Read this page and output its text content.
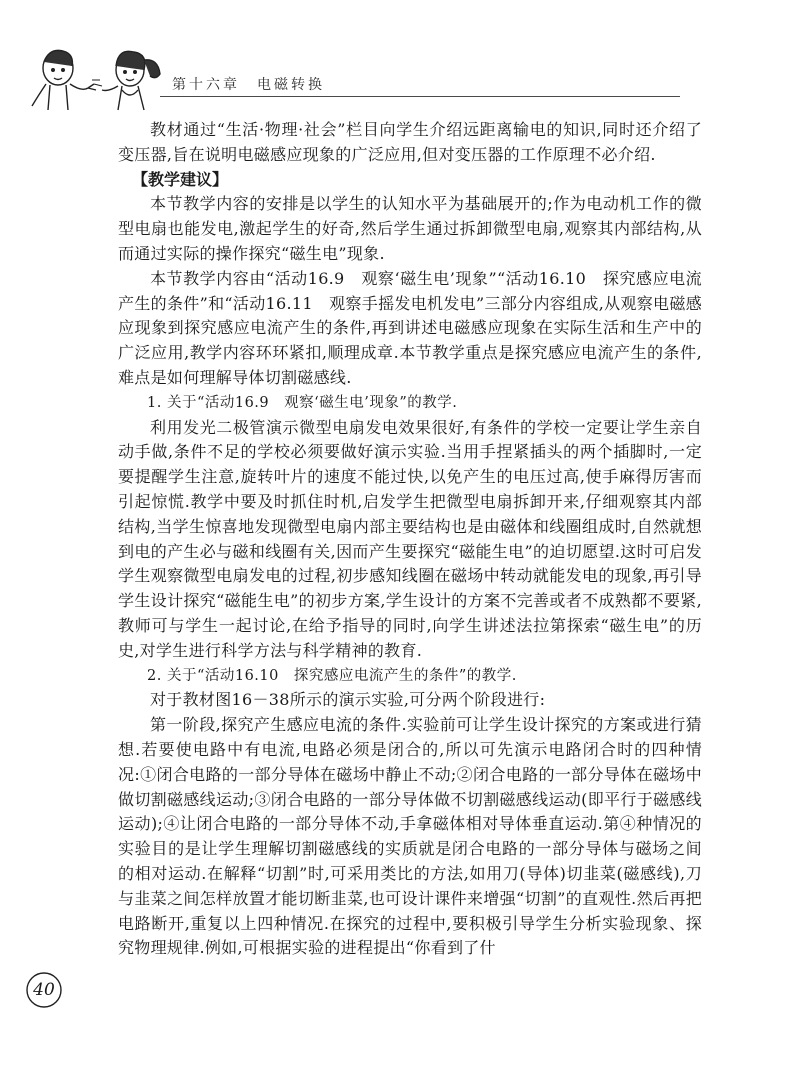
第十六章　电磁转换

教材通过“生活·物理·社会”栏目向学生介绍远距离输电的知识,同时还介绍了变压器,旨在说明电磁感应现象的广泛应用,但对变压器的工作原理不必介绍.

【教学建议】

本节教学内容的安排是以学生的认知水平为基础展开的;作为电动机工作的微型电扇也能发电,激起学生的好奇,然后学生通过拆卸微型电扇,观察其内部结构,从而通过实际的操作探究“磁生电”现象.

本节教学内容由“活动16.9　观察‘磁生电’现象”“活动16.10　探究感应电流产生的条件”和“活动16.11　观察手摇发电机发电”三部分内容组成,从观察电磁感应现象到探究感应电流产生的条件,再到讲述电磁感应现象在实际生活和生产中的广泛应用,教学内容环环紧扣,顺理成章.本节教学重点是探究感应电流产生的条件,难点是如何理解导体切割磁感线.

1. 关于“活动16.9　观察‘磁生电’现象”的教学.

利用发光二极管演示微型电扇发电效果很好,有条件的学校一定要让学生亲自动手做,条件不足的学校必须要做好演示实验.当用手捏紧插头的两个插脚时,一定要提醒学生注意,旋转叶片的速度不能过快,以免产生的电压过高,使手麻得厉害而引起惊慌.教学中要及时抓住时机,启发学生把微型电扇拆卸开来,仔细观察其内部结构,当学生惊喜地发现微型电扇内部主要结构也是由磁体和线圈组成时,自然就想到电的产生必与磁和线圈有关,因而产生要探究“磁能生电”的迫切愿望.这时可启发学生观察微型电扇发电的过程,初步感知线圈在磁场中转动就能发电的现象,再引导学生设计探究“磁能生电”的初步方案,学生设计的方案不完善或者不成熟都不要紧,教师可与学生一起讨论,在给予指导的同时,向学生讲述法拉第探索“磁生电”的历史,对学生进行科学方法与科学精神的教育.

2. 关于“活动16.10　探究感应电流产生的条件”的教学.

对于教材图16－38所示的演示实验,可分两个阶段进行:

第一阶段,探究产生感应电流的条件.实验前可让学生设计探究的方案或进行猜想.若要使电路中有电流,电路必须是闭合的,所以可先演示电路闭合时的四种情况:①闭合电路的一部分导体在磁场中静止不动;②闭合电路的一部分导体在磁场中做切割磁感线运动;③闭合电路的一部分导体做不切割磁感线运动(即平行于磁感线运动);④让闭合电路的一部分导体不动,手拿磁体相对导体垂直运动.第④种情况的实验目的是让学生理解切割磁感线的实质就是闭合电路的一部分导体与磁场之间的相对运动.在解释“切割”时,可采用类比的方法,如用刀(导体)切韭菜(磁感线),刀与韭菜之间怎样放置才能切断韭菜,也可设计课件来增强“切割”的直观性.然后再把电路断开,重复以上四种情况.在探究的过程中,要积极引导学生分析实验现象、探究物理规律.例如,可根据实验的进程提出“你看到了什

40
